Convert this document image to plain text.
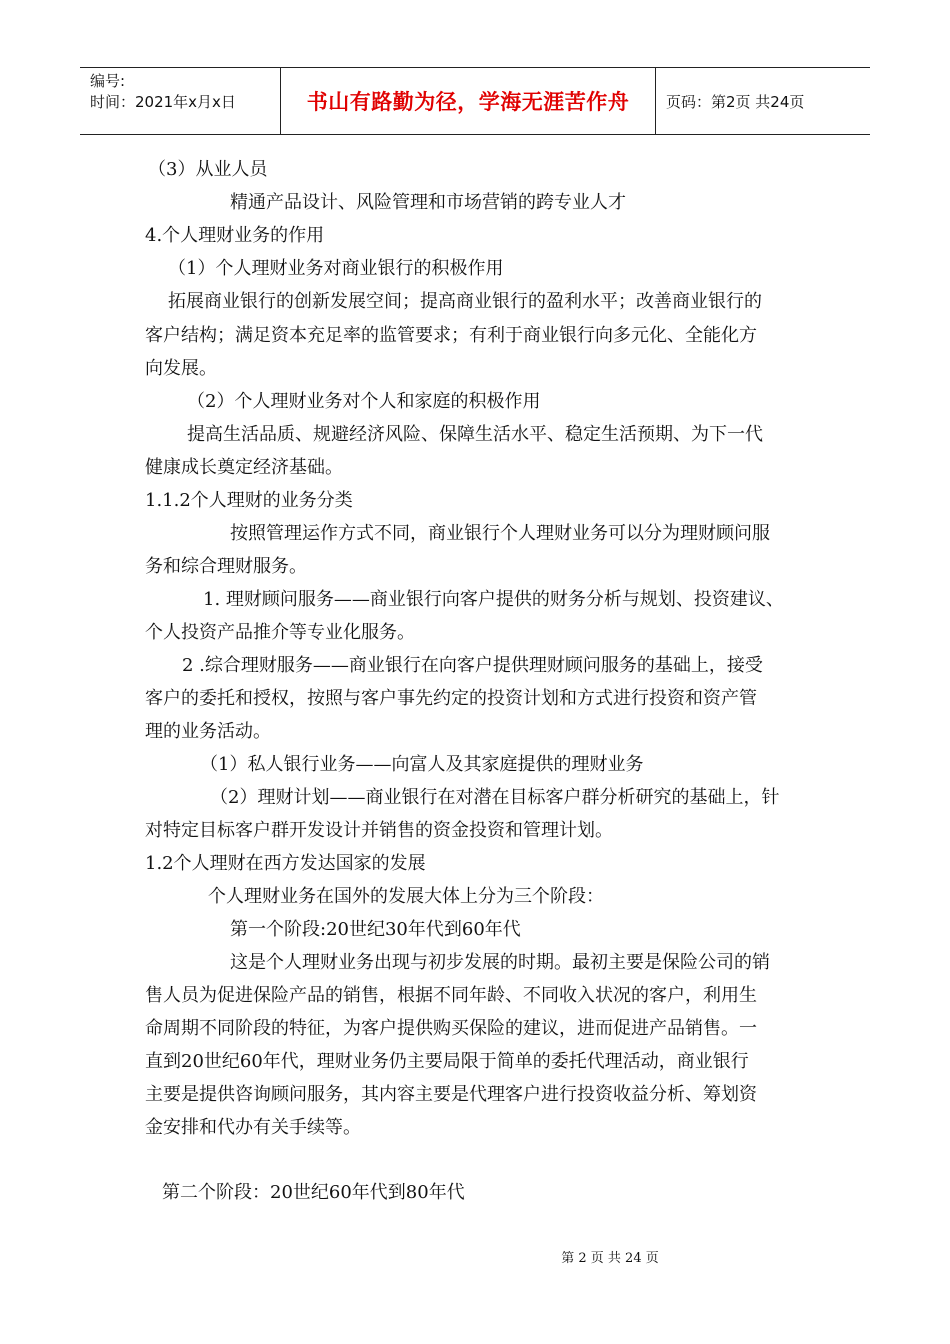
编号:
时间：2021年x月x日	书山有路勤为径，学海无涯苦作舟	页码：第2页 共24页
（3）从业人员
精通产品设计、风险管理和市场营销的跨专业人才
4.个人理财业务的作用
（1）个人理财业务对商业银行的积极作用
拓展商业银行的创新发展空间；提高商业银行的盈利水平；改善商业银行的
客户结构；满足资本充足率的监管要求；有利于商业银行向多元化、全能化方
向发展。
（2）个人理财业务对个人和家庭的积极作用
提高生活品质、规避经济风险、保障生活水平、稳定生活预期、为下一代
健康成长奠定经济基础。
1.1.2个人理财的业务分类
按照管理运作方式不同，商业银行个人理财业务可以分为理财顾问服
务和综合理财服务。
1. 理财顾问服务——商业银行向客户提供的财务分析与规划、投资建议、
个人投资产品推介等专业化服务。
2 .综合理财服务——商业银行在向客户提供理财顾问服务的基础上，接受
客户的委托和授权，按照与客户事先约定的投资计划和方式进行投资和资产管
理的业务活动。
（1）私人银行业务——向富人及其家庭提供的理财业务
（2）理财计划——商业银行在对潜在目标客户群分析研究的基础上，针
对特定目标客户群开发设计并销售的资金投资和管理计划。
1.2个人理财在西方发达国家的发展
个人理财业务在国外的发展大体上分为三个阶段：
第一个阶段:20世纪30年代到60年代
这是个人理财业务出现与初步发展的时期。最初主要是保险公司的销
售人员为促进保险产品的销售，根据不同年龄、不同收入状况的客户，利用生
命周期不同阶段的特征，为客户提供购买保险的建议，进而促进产品销售。一
直到20世纪60年代，理财业务仍主要局限于简单的委托代理活动，商业银行
主要是提供咨询顾问服务，其内容主要是代理客户进行投资收益分析、筹划资
金安排和代办有关手续等。
第二个阶段：20世纪60年代到80年代
第 2 页 共 24 页
